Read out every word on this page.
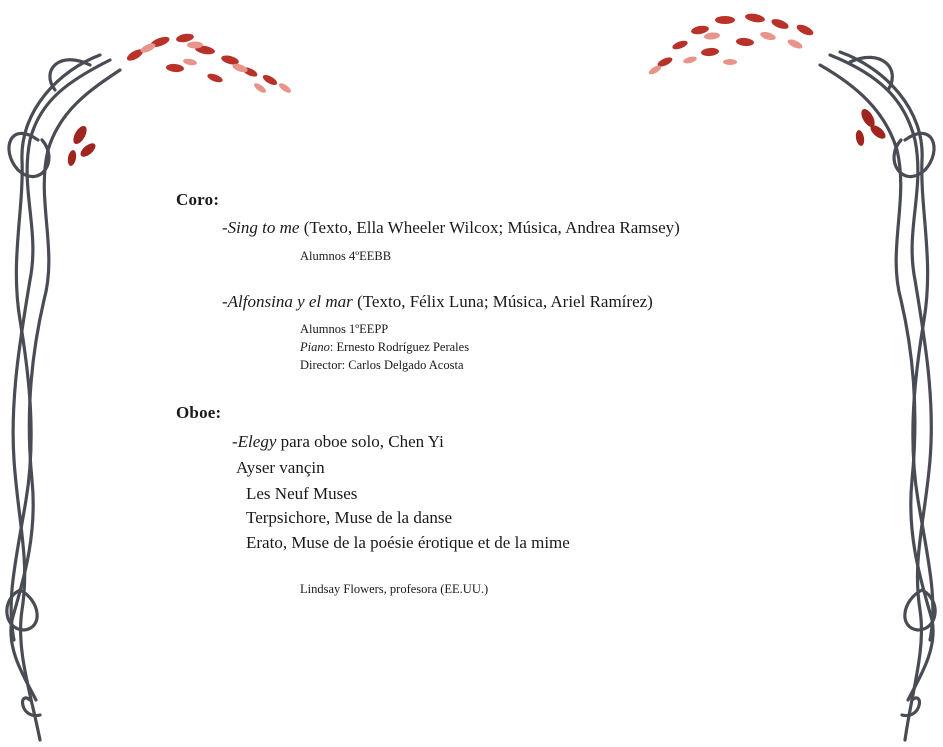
Coro:
-Sing to me (Texto, Ella Wheeler Wilcox; Música, Andrea Ramsey)
Alumnos 4ºEEBB
-Alfonsina y el mar (Texto, Félix Luna; Música, Ariel Ramírez)
Alumnos 1ºEEPP
Piano: Ernesto Rodríguez Perales
Director: Carlos Delgado Acosta
Oboe:
-Elegy para oboe solo, Chen Yi
Ayser vançin
Les Neuf Muses
Terpsichore, Muse de la danse
Erato, Muse de la poésie érotique et de la mime
Lindsay Flowers, profesora (EE.UU.)
